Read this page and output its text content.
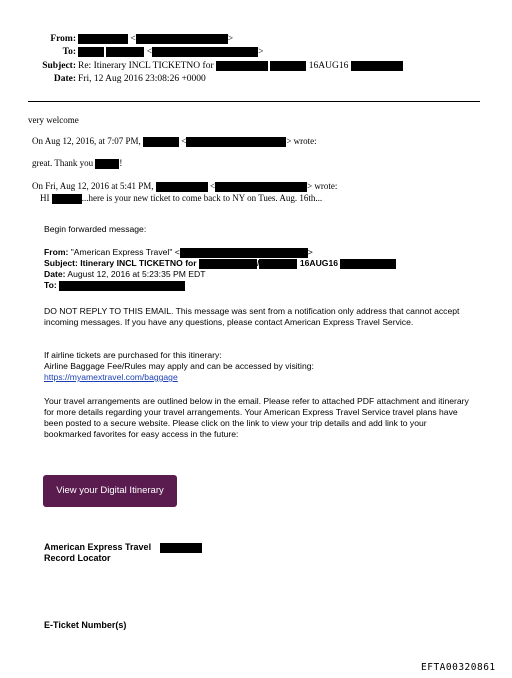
From:	<	>
To:	<	>
Subject: Re: Itinerary INCL TICKETNO for	16AUG16
Date: Fri, 12 Aug 2016 23:08:26 +0000
very welcome
On Aug 12, 2016, at 7:07 PM,	<	> wrote:
great. Thank you	!
On Fri, Aug 12, 2016 at 5:41 PM,	<	> wrote:
HI	...here is your new ticket to come back to NY on Tues. Aug. 16th...
Begin forwarded message:
From: "American Express Travel" <	>
Subject: Itinerary INCL TICKETNO for	/	16AUG16
Date: August 12, 2016 at 5:23:35 PM EDT
To:
DO NOT REPLY TO THIS EMAIL. This message was sent from a notification only address that cannot accept incoming messages. If you have any questions, please contact American Express Travel Service.
If airline tickets are purchased for this itinerary:
Airline Baggage Fee/Rules may apply and can be accessed by visiting:
https://myamextravel.com/baggage
Your travel arrangements are outlined below in the email. Please refer to attached PDF attachment and itinerary for more details regarding your travel arrangements. Your American Express Travel Service travel plans have been posted to a secure website. Please click on the link to view your trip details and add link to your bookmarked favorites for easy access in the future:
View your Digital Itinerary
American Express Travel
Record Locator
E-Ticket Number(s)
EFTA00320861
